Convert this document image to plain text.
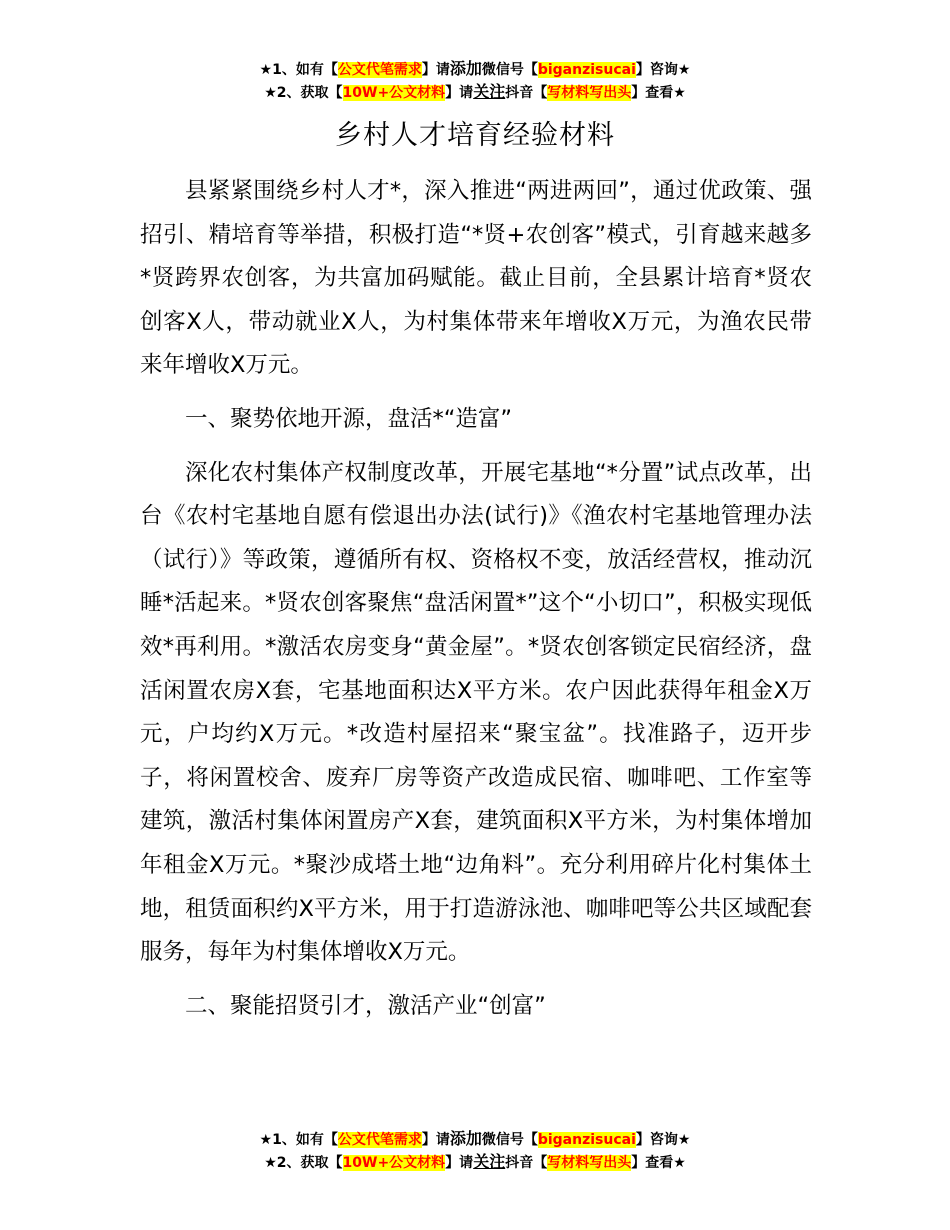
★1、如有【公文代笔需求】请添加微信号【biganzisucai】咨询★
★2、获取【10W+公文材料】请关注抖音【写材料写出头】查看★
乡村人才培育经验材料

县紧紧围绕乡村人才*，深入推进“两进两回”，通过优政策、强招引、精培育等举措，积极打造“*贤+农创客”模式，引育越来越多*贤跨界农创客，为共富加码赋能。截止目前，全县累计培育*贤农创客X人，带动就业X人，为村集体带来年增收X万元，为渔农民带来年增收X万元。

一、聚势依地开源，盘活*“造富”

深化农村集体产权制度改革，开展宅基地“*分置”试点改革，出台《农村宅基地自愿有偿退出办法(试行)》《渔农村宅基地管理办法（试行）》等政策，遵循所有权、资格权不变，放活经营权，推动沉睡*活起来。*贤农创客聚焦“盘活闲置*”这个“小切口”，积极实现低效*再利用。*激活农房变身“黄金屋”。*贤农创客锁定民宿经济，盘活闲置农房X套，宅基地面积达X平方米。农户因此获得年租金X万元，户均约X万元。*改造村屋招来“聚宝盆”。找准路子，迈开步子，将闲置校舍、废弃厂房等资产改造成民宿、咖啡吧、工作室等建筑，激活村集体闲置房产X套，建筑面积X平方米，为村集体增加年租金X万元。*聚沙成塔土地“边角料”。充分利用碎片化村集体土地，租赁面积约X平方米，用于打造游泳池、咖啡吧等公共区域配套服务，每年为村集体增收X万元。

二、聚能招贤引才，激活产业“创富”

★1、如有【公文代笔需求】请添加微信号【biganzisucai】咨询★
★2、获取【10W+公文材料】请关注抖音【写材料写出头】查看★
